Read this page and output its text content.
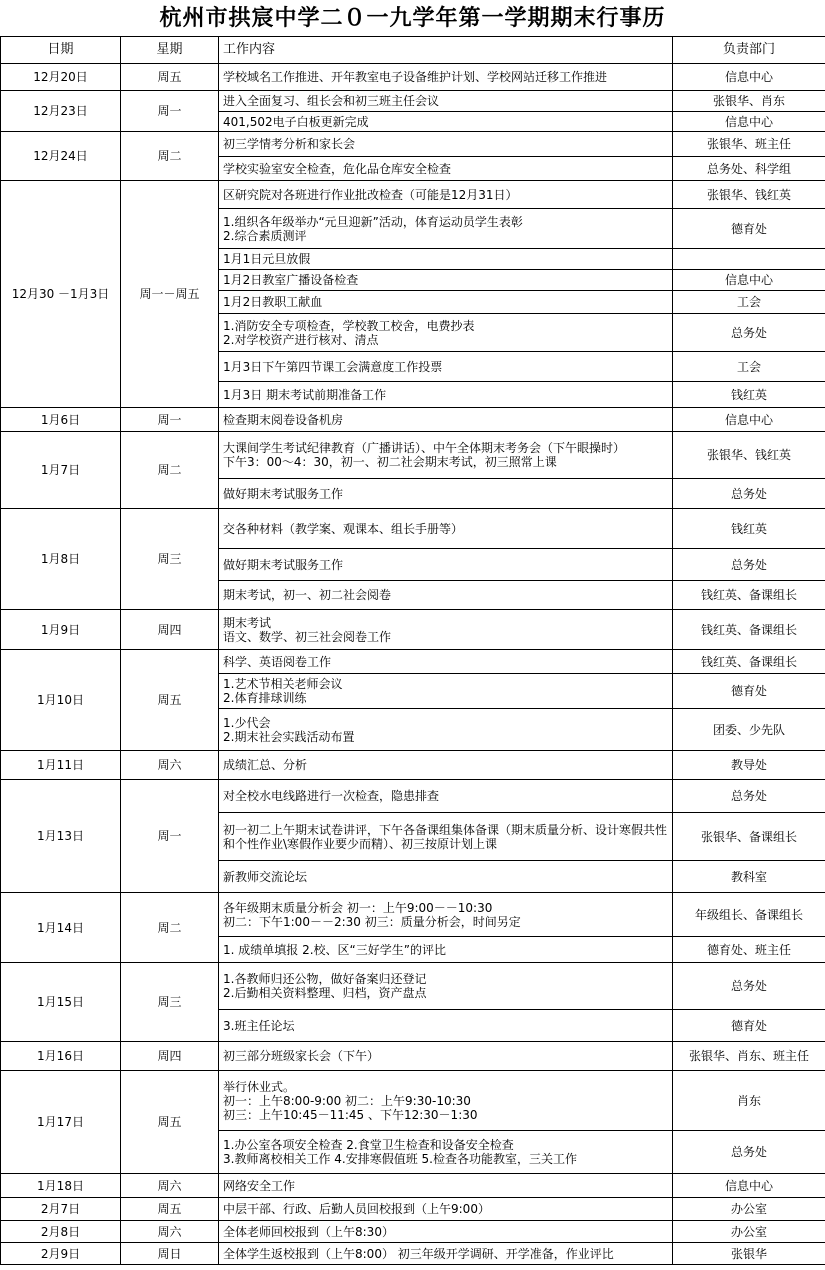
杭州市拱宸中学二０一九学年第一学期期末行事历
日期	星期	工作内容	负责部门
12月20日	周五	学校域名工作推进、开年教室电子设备维护计划、学校网站迁移工作推进	信息中心
12月23日	周一	进入全面复习、组长会和初三班主任会议	张银华、肖东
		401,502电子白板更新完成	信息中心
12月24日	周二	初三学情考分析和家长会	张银华、班主任
		学校实验室安全检查，危化品仓库安全检查	总务处、科学组
12月30 －1月3日	周一－周五	区研究院对各班进行作业批改检查（可能是12月31日）	张银华、钱红英
		1.组织各年级举办“元旦迎新”活动，体育运动员学生表彰
2.综合素质测评	德育处
		1月1日元旦放假	
		1月2日教室广播设备检查	信息中心
		1月2日教职工献血	工会
		1.消防安全专项检查，学校教工校舍，电费抄表
2.对学校资产进行核对、清点	总务处
		1月3日下午第四节课工会满意度工作投票	工会
		1月3日 期末考试前期准备工作	钱红英
1月6日	周一	检查期末阅卷设备机房	信息中心
1月7日	周二	大课间学生考试纪律教育（广播讲话）、中午全体期末考务会（下午眼操时）
下午3：00～4：30，初一、初二社会期末考试，初三照常上课	张银华、钱红英
		做好期末考试服务工作	总务处
1月8日	周三	交各种材料（教学案、观课本、组长手册等）	钱红英
		做好期末考试服务工作	总务处
		期末考试，初一、初二社会阅卷	钱红英、备课组长
1月9日	周四	期末考试
语文、数学、初三社会阅卷工作	钱红英、备课组长
1月10日	周五	科学、英语阅卷工作	钱红英、备课组长
		1.艺术节相关老师会议
2.体育排球训练	德育处
		1.少代会
2.期末社会实践活动布置	团委、少先队
1月11日	周六	成绩汇总、分析	教导处
1月13日	周一	对全校水电线路进行一次检查，隐患排查	总务处
		初一初二上午期末试卷讲评，下午各备课组集体备课（期末质量分析、设计寒假共性和个性作业\寒假作业要少而精）、初三按原计划上课	张银华、备课组长
		新教师交流论坛	教科室
1月14日	周二	各年级期末质量分析会 初一：上午9:00－－10:30
初二：下午1:00－－2:30 初三：质量分析会，时间另定	年级组长、备课组长
		1. 成绩单填报 2.校、区“三好学生”的评比	德育处、班主任
1月15日	周三	1.各教师归还公物，做好备案归还登记
2.后勤相关资料整理、归档，资产盘点	总务处
		3.班主任论坛	德育处
1月16日	周四	初三部分班级家长会（下午）	张银华、肖东、班主任
1月17日	周五	举行休业式。
初一：上午8:00-9:00 初二：上午9:30-10:30
初三：上午10:45－11:45 、下午12:30－1:30	肖东
		1.办公室各项安全检查 2.食堂卫生检查和设备安全检查
3.教师离校相关工作 4.安排寒假值班 5.检查各功能教室，三关工作	总务处
1月18日	周六	网络安全工作	信息中心
2月7日	周五	中层干部、行政、后勤人员回校报到（上午9:00）	办公室
2月8日	周六	全体老师回校报到（上午8:30）	办公室
2月9日	周日	全体学生返校报到（上午8:00） 初三年级开学调研、开学准备，作业评比	张银华
